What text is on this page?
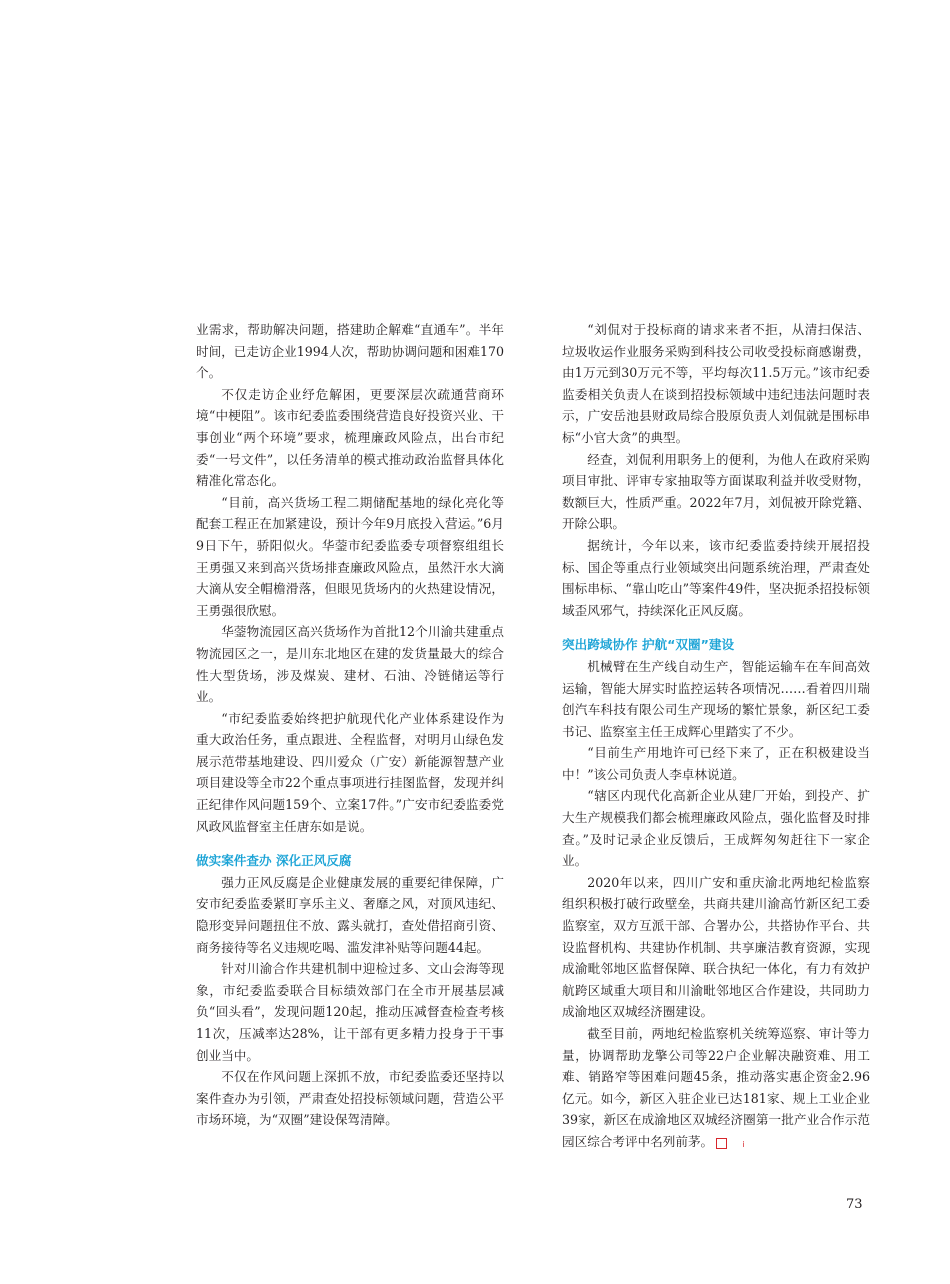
业需求，帮助解决问题，搭建助企解难“直通车”。半年时间，已走访企业1994人次，帮助协调问题和困难170个。

不仅走访企业纾危解困，更要深层次疏通营商环境“中梗阻”。该市纪委监委围绕营造良好投资兴业、干事创业“两个环境”要求，梳理廉政风险点，出台市纪委“一号文件”，以任务清单的模式推动政治监督具体化精准化常态化。

“目前，高兴货场工程二期储配基地的绿化亮化等配套工程正在加紧建设，预计今年9月底投入营运。”6月9日下午，骄阳似火。华蓥市纪委监委专项督察组组长王勇强又来到高兴货场排查廉政风险点，虽然汗水大滴大滴从安全帽檐滑落，但眼见货场内的火热建设情况，王勇强很欣慰。

华蓥物流园区高兴货场作为首批12个川渝共建重点物流园区之一，是川东北地区在建的发货量最大的综合性大型货场，涉及煤炭、建材、石油、冷链储运等行业。

“市纪委监委始终把护航现代化产业体系建设作为重大政治任务，重点跟进、全程监督，对明月山绿色发展示范带基地建设、四川爱众（广安）新能源智慧产业项目建设等全市22个重点事项进行挂图监督，发现并纠正纪律作风问题159个、立案17件。”广安市纪委监委党风政风监督室主任唐东如是说。

做实案件查办 深化正风反腐

强力正风反腐是企业健康发展的重要纪律保障，广安市纪委监委紧盯享乐主义、奢靡之风，对顶风违纪、隐形变异问题扭住不放、露头就打，查处借招商引资、商务接待等名义违规吃喝、滥发津补贴等问题44起。

针对川渝合作共建机制中迎检过多、文山会海等现象，市纪委监委联合目标绩效部门在全市开展基层减负“回头看”，发现问题120起，推动压减督查检查考核11次，压减率达28%，让干部有更多精力投身于干事创业当中。

不仅在作风问题上深抓不放，市纪委监委还坚持以案件查办为引领，严肃查处招投标领域问题，营造公平市场环境，为“双圈”建设保驾清障。

“刘侃对于投标商的请求来者不拒，从清扫保洁、垃圾收运作业服务采购到科技公司收受投标商感谢费，由1万元到30万元不等，平均每次11.5万元。”该市纪委监委相关负责人在谈到招投标领域中违纪违法问题时表示，广安岳池县财政局综合股原负责人刘侃就是围标串标“小官大贪”的典型。

经查，刘侃利用职务上的便利，为他人在政府采购项目审批、评审专家抽取等方面谋取利益并收受财物，数额巨大，性质严重。2022年7月，刘侃被开除党籍、开除公职。

据统计，今年以来，该市纪委监委持续开展招投标、国企等重点行业领域突出问题系统治理，严肃查处围标串标、“靠山吃山”等案件49件，坚决扼杀招投标领域歪风邪气，持续深化正风反腐。

突出跨域协作 护航“双圈”建设

机械臂在生产线自动生产，智能运输车在车间高效运输，智能大屏实时监控运转各项情况……看着四川瑞创汽车科技有限公司生产现场的繁忙景象，新区纪工委书记、监察室主任王成辉心里踏实了不少。

“目前生产用地许可已经下来了，正在积极建设当中！”该公司负责人李卓林说道。

“辖区内现代化高新企业从建厂开始，到投产、扩大生产规模我们都会梳理廉政风险点，强化监督及时排查。”及时记录企业反馈后，王成辉匆匆赶往下一家企业。

2020年以来，四川广安和重庆渝北两地纪检监察组织积极打破行政壁垒，共商共建川渝高竹新区纪工委监察室，双方互派干部、合署办公，共搭协作平台、共设监督机构、共建协作机制、共享廉洁教育资源，实现成渝毗邻地区监督保障、联合执纪一体化，有力有效护航跨区域重大项目和川渝毗邻地区合作建设，共同助力成渝地区双城经济圈建设。

截至目前，两地纪检监察机关统筹巡察、审计等力量，协调帮助龙擎公司等22户企业解决融资难、用工难、销路窄等困难问题45条，推动落实惠企资金2.96亿元。如今，新区入驻企业已达181家、规上工业企业39家，新区在成渝地区双城经济圈第一批产业合作示范园区综合考评中名列前茅。	i

73
